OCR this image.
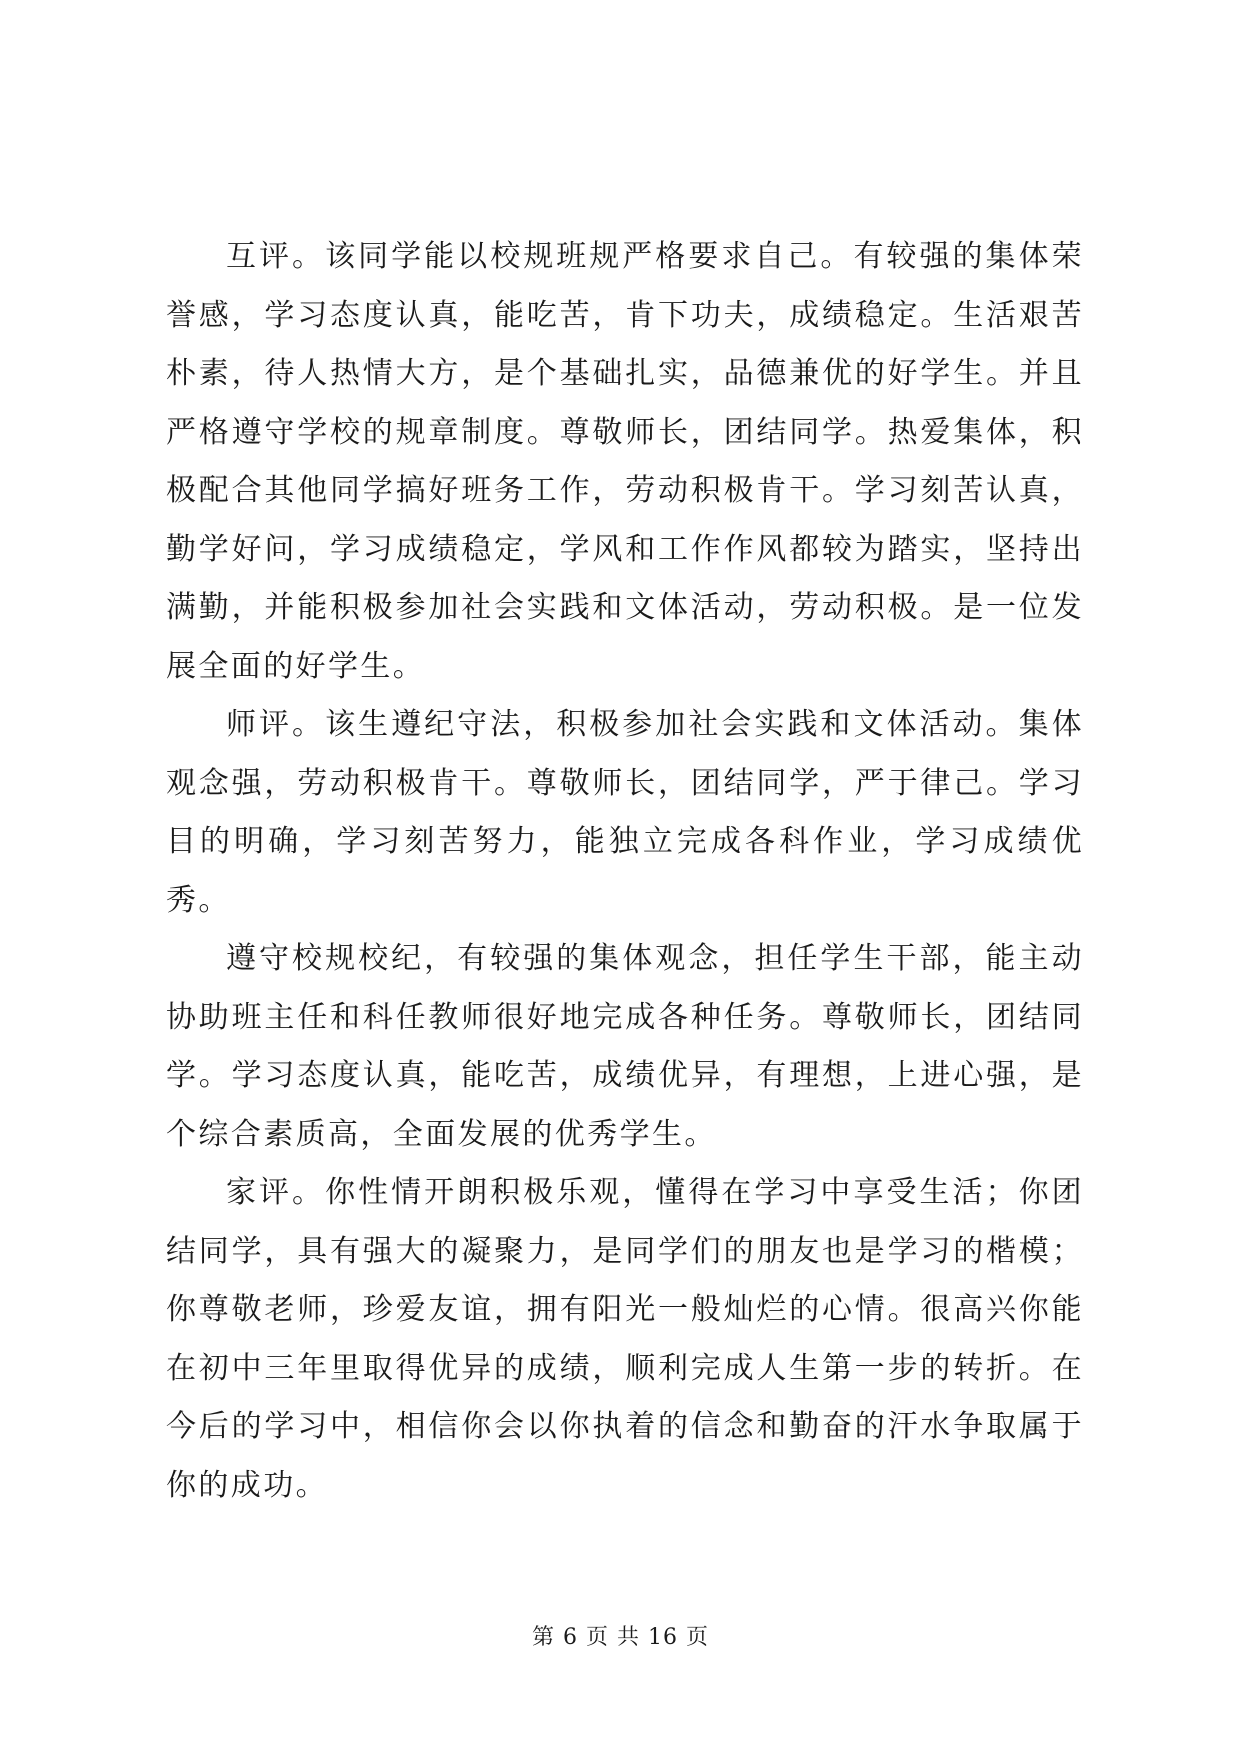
互评。该同学能以校规班规严格要求自己。有较强的集体荣誉感，学习态度认真，能吃苦，肯下功夫，成绩稳定。生活艰苦朴素，待人热情大方，是个基础扎实，品德兼优的好学生。并且严格遵守学校的规章制度。尊敬师长，团结同学。热爱集体，积极配合其他同学搞好班务工作，劳动积极肯干。学习刻苦认真，勤学好问，学习成绩稳定，学风和工作作风都较为踏实，坚持出满勤，并能积极参加社会实践和文体活动，劳动积极。是一位发展全面的好学生。

师评。该生遵纪守法，积极参加社会实践和文体活动。集体观念强，劳动积极肯干。尊敬师长，团结同学，严于律己。学习目的明确，学习刻苦努力，能独立完成各科作业，学习成绩优秀。

遵守校规校纪，有较强的集体观念，担任学生干部，能主动协助班主任和科任教师很好地完成各种任务。尊敬师长，团结同学。学习态度认真，能吃苦，成绩优异，有理想，上进心强，是个综合素质高，全面发展的优秀学生。

家评。你性情开朗积极乐观，懂得在学习中享受生活；你团结同学，具有强大的凝聚力，是同学们的朋友也是学习的楷模；你尊敬老师，珍爱友谊，拥有阳光一般灿烂的心情。很高兴你能在初中三年里取得优异的成绩，顺利完成人生第一步的转折。在今后的学习中，相信你会以你执着的信念和勤奋的汗水争取属于你的成功。

第 6 页 共 16 页
